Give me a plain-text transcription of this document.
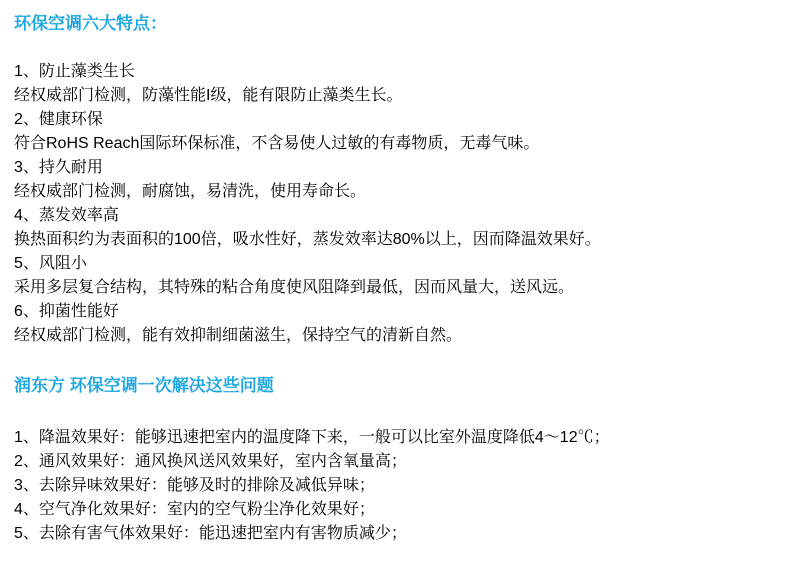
环保空调六大特点：
1、防止藻类生长
经权威部门检测，防藻性能I级，能有限防止藻类生长。
2、健康环保
符合RoHS Reach国际环保标准，不含易使人过敏的有毒物质，无毒气味。
3、持久耐用
经权威部门检测，耐腐蚀，易清洗，使用寿命长。
4、蒸发效率高
换热面积约为表面积的100倍，吸水性好，蒸发效率达80%以上，因而降温效果好。
5、风阻小
采用多层复合结构，其特殊的粘合角度使风阻降到最低，因而风量大，送风远。
6、抑菌性能好
经权威部门检测，能有效抑制细菌滋生，保持空气的清新自然。
润东方 环保空调一次解决这些问题
1、降温效果好：能够迅速把室内的温度降下来，一般可以比室外温度降低4～12℃；
2、通风效果好：通风换风送风效果好，室内含氧量高；
3、去除异味效果好：能够及时的排除及减低异味；
4、空气净化效果好：室内的空气粉尘净化效果好；
5、去除有害气体效果好：能迅速把室内有害物质减少；
